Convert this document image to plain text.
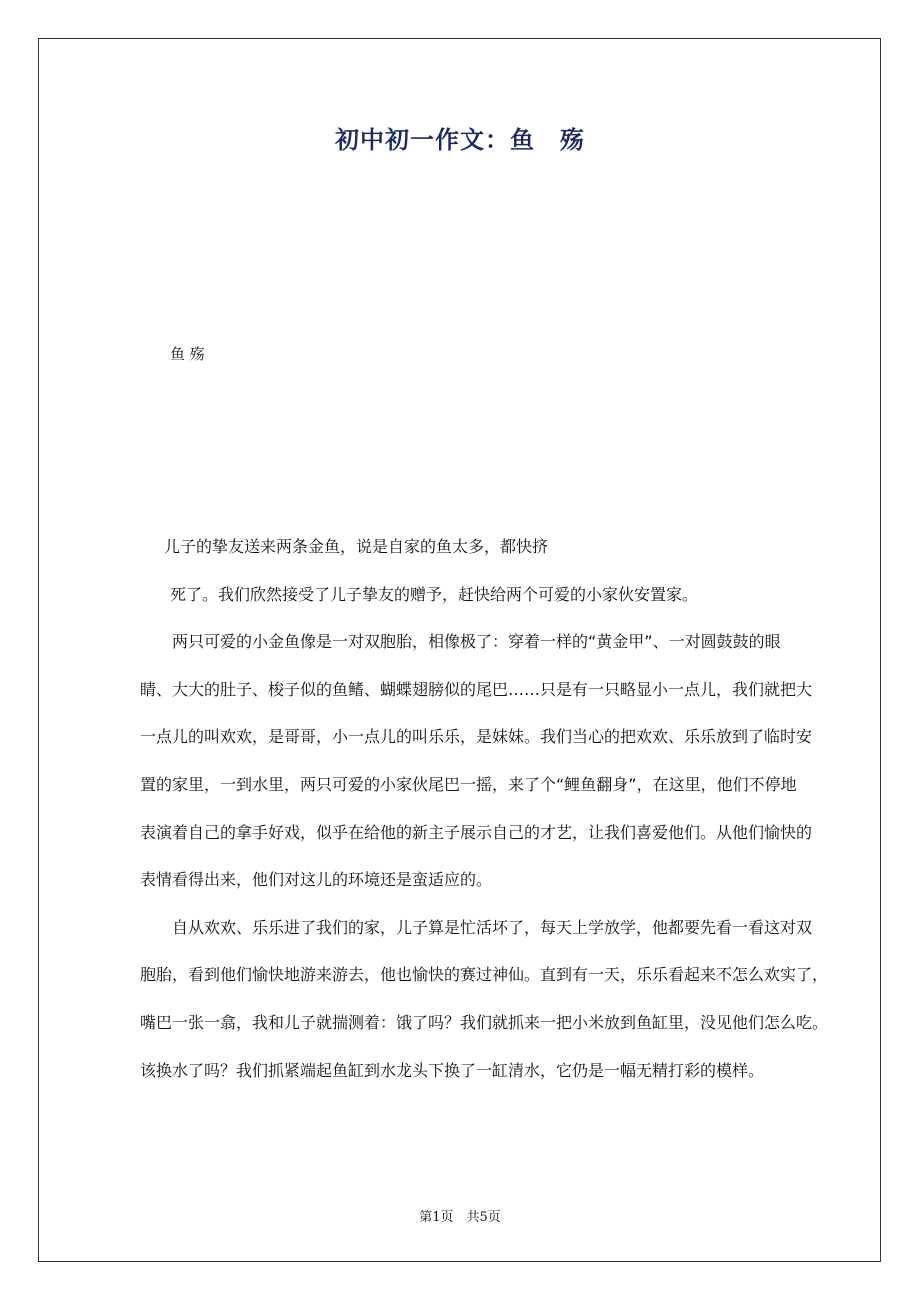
初中初一作文：鱼　殇
鱼 殇
　儿子的挚友送来两条金鱼，说是自家的鱼太多，都快挤
死了。我们欣然接受了儿子挚友的赠予，赶快给两个可爱的小家伙安置家。
　　两只可爱的小金鱼像是一对双胞胎，相像极了：穿着一样的“黄金甲”、一对圆鼓鼓的眼
睛、大大的肚子、梭子似的鱼鳍、蝴蝶翅膀似的尾巴……只是有一只略显小一点儿，我们就把大
一点儿的叫欢欢，是哥哥，小一点儿的叫乐乐，是妹妹。我们当心的把欢欢、乐乐放到了临时安
置的家里，一到水里，两只可爱的小家伙尾巴一摇，来了个“鲤鱼翻身”，在这里，他们不停地
表演着自己的拿手好戏，似乎在给他的新主子展示自己的才艺，让我们喜爱他们。从他们愉快的
表情看得出来，他们对这儿的环境还是蛮适应的。
　　自从欢欢、乐乐进了我们的家，儿子算是忙活坏了，每天上学放学，他都要先看一看这对双
胞胎，看到他们愉快地游来游去，他也愉快的赛过神仙。直到有一天，乐乐看起来不怎么欢实了，
嘴巴一张一翕，我和儿子就揣测着：饿了吗？我们就抓来一把小米放到鱼缸里，没见他们怎么吃。
该换水了吗？我们抓紧端起鱼缸到水龙头下换了一缸清水，它仍是一幅无精打彩的模样。
第1页　共5页
